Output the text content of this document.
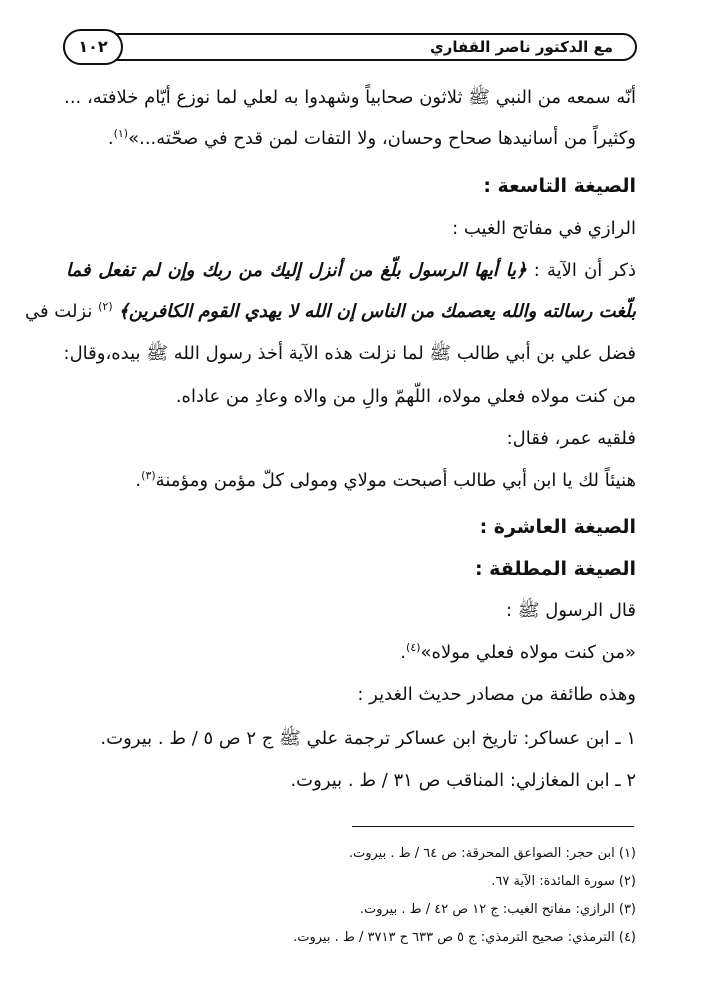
مع الدكتور ناصر القفاري
١٠٢
أنّه سمعه من النبي ﷺ ثلاثون صحابياً وشهدوا به لعلي لما نوزع أيّام خلافته، ...
وكثيراً من أسانيدها صحاح وحسان، ولا التفات لمن قدح في صحّته...»$^{(١)}$.
الصيغة التاسعة :
الرازي في مفاتح الغيب :
ذكر أن الآية : ﴿يا أيها الرسول بلّغ من أنزل إليك من ربك وإن لم تفعل فما
بلّغت رسالته والله يعصمك من الناس إن الله لا يهدي القوم الكافرين﴾ $^{(٢)}$ نزلت في
فضل علي بن أبي طالب ﷺ لما نزلت هذه الآية أخذ رسول الله ﷺ بيده،وقال:
من كنت مولاه فعلي مولاه، اللّهمّ والِ من والاه وعادِ من عاداه.
فلقيه عمر، فقال:
هنيئاً لك يا ابن أبي طالب أصبحت مولاي ومولى كلّ مؤمن ومؤمنة$^{(٣)}$.
الصيغة العاشرة :
الصيغة المطلقة :
قال الرسول ﷺ :
«من كنت مولاه فعلي مولاه»$^{(٤)}$.
وهذه طائفة من مصادر حديث الغدير :
١ ـ ابن عساكر: تاريخ ابن عساكر ترجمة علي ﷺ ج ٢ ص ٥ / ط . بيروت.
٢ ـ ابن المغازلي: المناقب ص ٣١ / ط . بيروت.
(١) ابن حجر: الصواعق المحرقة: ص ٦٤ / ط . بيروت.
(٢) سورة المائدة: الآية ٦٧.
(٣) الرازي: مفاتح الغيب: ج ١٢ ص ٤٢ / ط . بيروت.
(٤) الترمذي: صحيح الترمذي: ج ٥ ص ٦٣٣ ح ٣٧١٣ / ط . بيروت.
